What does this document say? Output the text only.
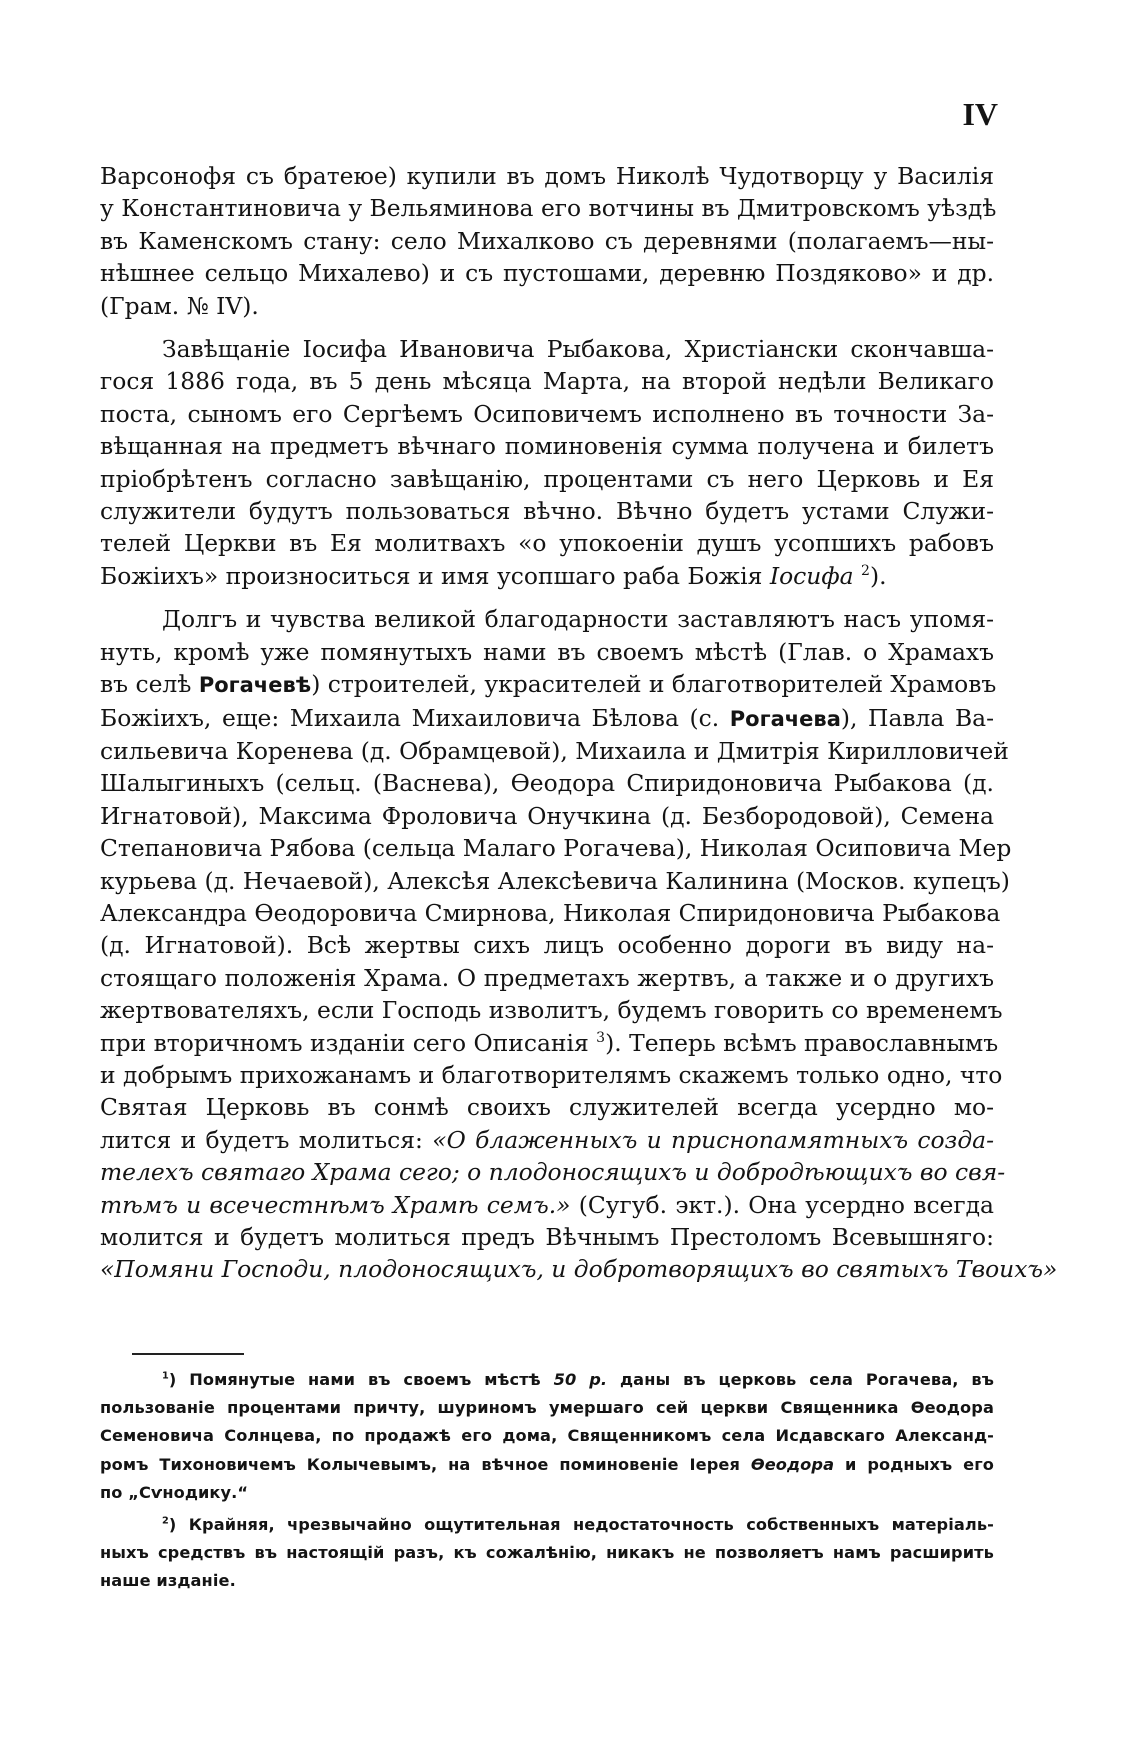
IV
Варсонофя съ братеюе) купили въ домъ Николѣ Чудотворцу у Василія
у Константиновича у Вельяминова его вотчины въ Дмитровскомъ уѣздѣ
въ Каменскомъ стану: село Михалково съ деревнями (полагаемъ—ны-
нѣшнее сельцо Михалево) и съ пустошами, деревню Поздяково» и др.
(Грам. № IV).
Завѣщаніе Іосифа Ивановича Рыбакова, Христіански скончавша-
гося 1886 года, въ 5 день мѣсяца Марта, на второй недѣли Великаго
поста, сыномъ его Сергѣемъ Осиповичемъ исполнено въ точности За-
вѣщанная на предметъ вѣчнаго поминовенія сумма получена и билетъ
пріобрѣтенъ согласно завѣщанію, процентами съ него Церковь и Ея
служители будутъ пользоваться вѣчно. Вѣчно будетъ устами Служи-
телей Церкви въ Ея молитвахъ «о упокоеніи душъ усопшихъ рабовъ
Божіихъ» произноситься и имя усопшаго раба Божія Іосифа $^2$).
Долгъ и чувства великой благодарности заставляютъ насъ упомя-
нуть, кромѣ уже помянутыхъ нами въ своемъ мѣстѣ (Глав. о Храмахъ
въ селѣ Рогачевѣ) строителей, украсителей и благотворителей Храмовъ
Божіихъ, еще: Михаила Михаиловича Бѣлова (с. Рогачева), Павла Ва-
сильевича Коренева (д. Обрамцевой), Михаила и Дмитрія Кирилловичей
Шалыгиныхъ (сельц. (Васнева), Ѳеодора Спиридоновича Рыбакова (д.
Игнатовой), Максима Фроловича Онучкина (д. Безбородовой), Семена
Степановича Рябова (сельца Малаго Рогачева), Николая Осиповича Мер
курьева (д. Нечаевой), Алексѣя Алексѣевича Калинина (Москов. купецъ)
Александра Ѳеодоровича Смирнова, Николая Спиридоновича Рыбакова
(д. Игнатовой). Всѣ жертвы сихъ лицъ особенно дороги въ виду на-
стоящаго положенія Храма. О предметахъ жертвъ, а также и о другихъ
жертвователяхъ, если Господь изволитъ, будемъ говорить со временемъ
при вторичномъ изданіи сего Описанія $^3$). Теперь всѣмъ православнымъ
и добрымъ прихожанамъ и благотворителямъ скажемъ только одно, что
Святая Церковь въ сонмѣ своихъ служителей всегда усердно мо-
лится и будетъ молиться: «О блаженныхъ и приснопамятныхъ созда-
телехъ святаго Храма сего; о плодоносящихъ и добродѣющихъ во свя-
тѣмъ и всечестнѣмъ Храмѣ семъ.» (Сугуб. экт.). Она усердно всегда
молится и будетъ молиться предъ Вѣчнымъ Престоломъ Всевышняго:
«Помяни Господи, плодоносящихъ, и добротворящихъ во святыхъ Твоихъ»
$^1$) Помянутые нами въ своемъ мѣстѣ 50 р. даны въ церковь села Рогачева, въ
пользованіе процентами причту, шуриномъ умершаго сей церкви Священника Ѳеодора
Семеновича Солнцева, по продажѣ его дома, Священникомъ села Исдавскаго Александ-
ромъ Тихоновичемъ Колычевымъ, на вѣчное поминовеніе Іерея Ѳеодора и родныхъ его
по „Сѵнодику.“
$^2$) Крайняя, чрезвычайно ощутительная недостаточность собственныхъ матеріаль-
ныхъ средствъ въ настоящій разъ, къ сожалѣнію, никакъ не позволяетъ намъ расширить
наше изданіе.
